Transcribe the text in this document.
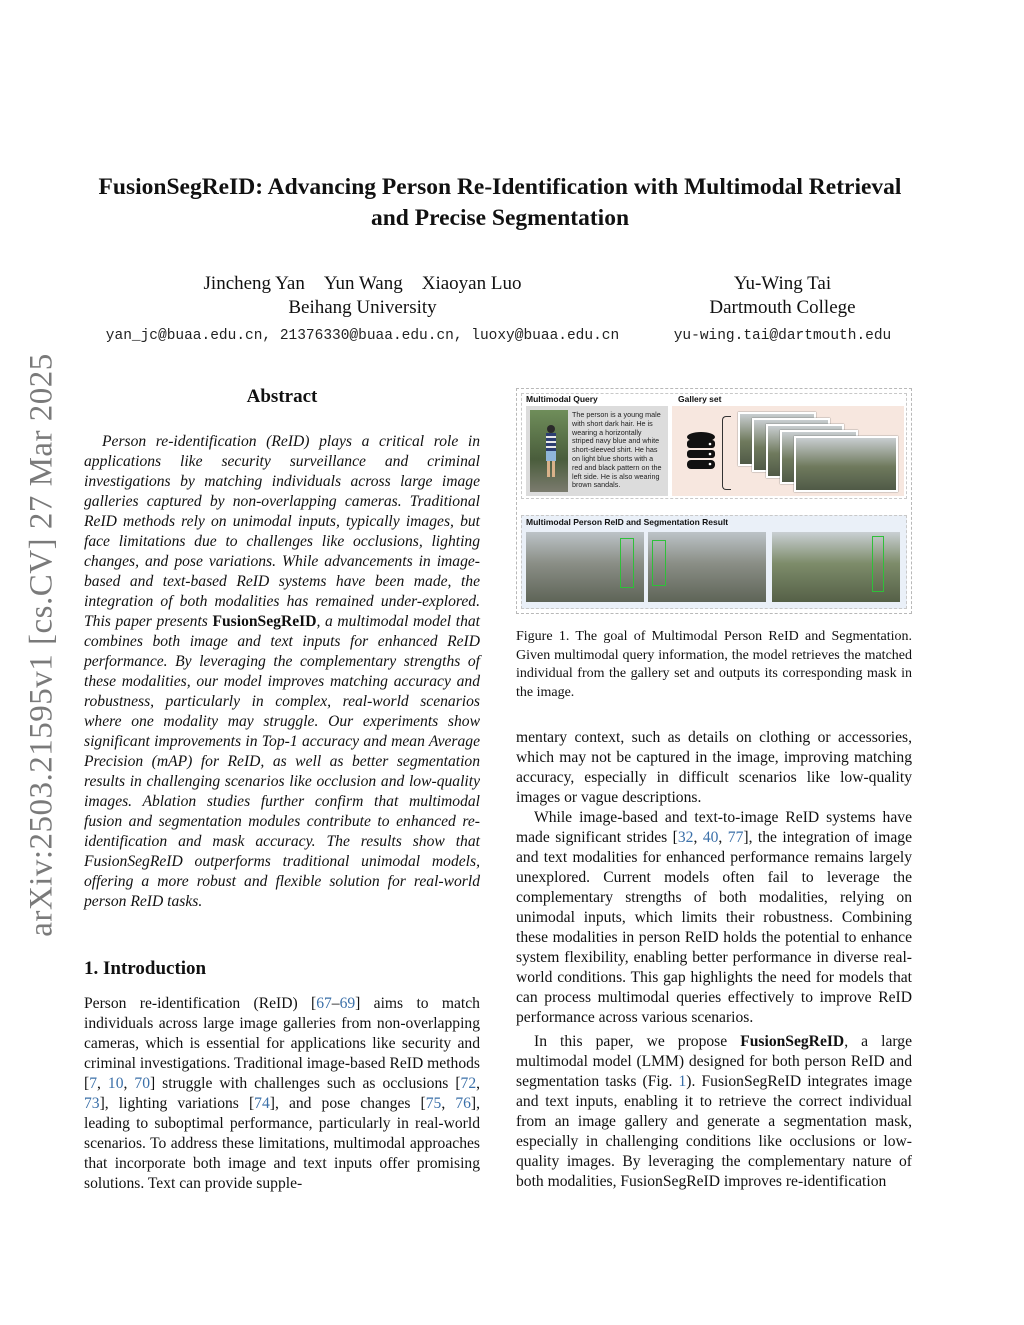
arXiv:2503.21595v1 [cs.CV] 27 Mar 2025
FusionSegReID: Advancing Person Re-Identification with Multimodal Retrieval
and Precise Segmentation
Jincheng Yan Yun Wang Xiaoyan Luo
Beihang University
yan_jc@buaa.edu.cn, 21376330@buaa.edu.cn, luoxy@buaa.edu.cn
Yu-Wing Tai
Dartmouth College
yu-wing.tai@dartmouth.edu
Abstract

Person re-identification (ReID) plays a critical role in applications like security surveillance and criminal investigations by matching individuals across large image galleries captured by non-overlapping cameras. Traditional ReID methods rely on unimodal inputs, typically images, but face limitations due to challenges like occlusions, lighting changes, and pose variations. While advancements in image-based and text-based ReID systems have been made, the integration of both modalities has remained under-explored. This paper presents FusionSegReID, a multimodal model that combines both image and text inputs for enhanced ReID performance. By leveraging the complementary strengths of these modalities, our model improves matching accuracy and robustness, particularly in complex, real-world scenarios where one modality may struggle. Our experiments show significant improvements in Top-1 accuracy and mean Average Precision (mAP) for ReID, as well as better segmentation results in challenging scenarios like occlusion and low-quality images. Ablation studies further confirm that multimodal fusion and segmentation modules contribute to enhanced re-identification and mask accuracy. The results show that FusionSegReID outperforms traditional unimodal models, offering a more robust and flexible solution for real-world person ReID tasks.

1. Introduction

Person re-identification (ReID) [67–69] aims to match individuals across large image galleries from non-overlapping cameras, which is essential for applications like security and criminal investigations. Traditional image-based ReID methods [7, 10, 70] struggle with challenges such as occlusions [72, 73], lighting variations [74], and pose changes [75, 76], leading to suboptimal performance, particularly in real-world scenarios. To address these limitations, multimodal approaches that incorporate both image and text inputs offer promising solutions. Text can provide supple-

Multimodal Query	Gallery set
The person is a young male with short dark hair. He is wearing a horizontally striped navy blue and white short-sleeved shirt. He has on light blue shorts with a red and black pattern on the left side. He is also wearing brown sandals.
Multimodal Person ReID and Segmentation Result
Figure 1. The goal of Multimodal Person ReID and Segmentation. Given multimodal query information, the model retrieves the matched individual from the gallery set and outputs its corresponding mask in the image.

mentary context, such as details on clothing or accessories, which may not be captured in the image, improving matching accuracy, especially in difficult scenarios like low-quality images or vague descriptions.

While image-based and text-to-image ReID systems have made significant strides [32, 40, 77], the integration of image and text modalities for enhanced performance remains largely unexplored. Current models often fail to leverage the complementary strengths of both modalities, relying on unimodal inputs, which limits their robustness. Combining these modalities in person ReID holds the potential to enhance system flexibility, enabling better performance in diverse real-world conditions. This gap highlights the need for models that can process multimodal queries effectively to improve ReID performance across various scenarios.

In this paper, we propose FusionSegReID, a large multimodal model (LMM) designed for both person ReID and segmentation tasks (Fig. 1). FusionSegReID integrates image and text inputs, enabling it to retrieve the correct individual from an image gallery and generate a segmentation mask, especially in challenging conditions like occlusions or low-quality images. By leveraging the complementary nature of both modalities, FusionSegReID improves re-identification
